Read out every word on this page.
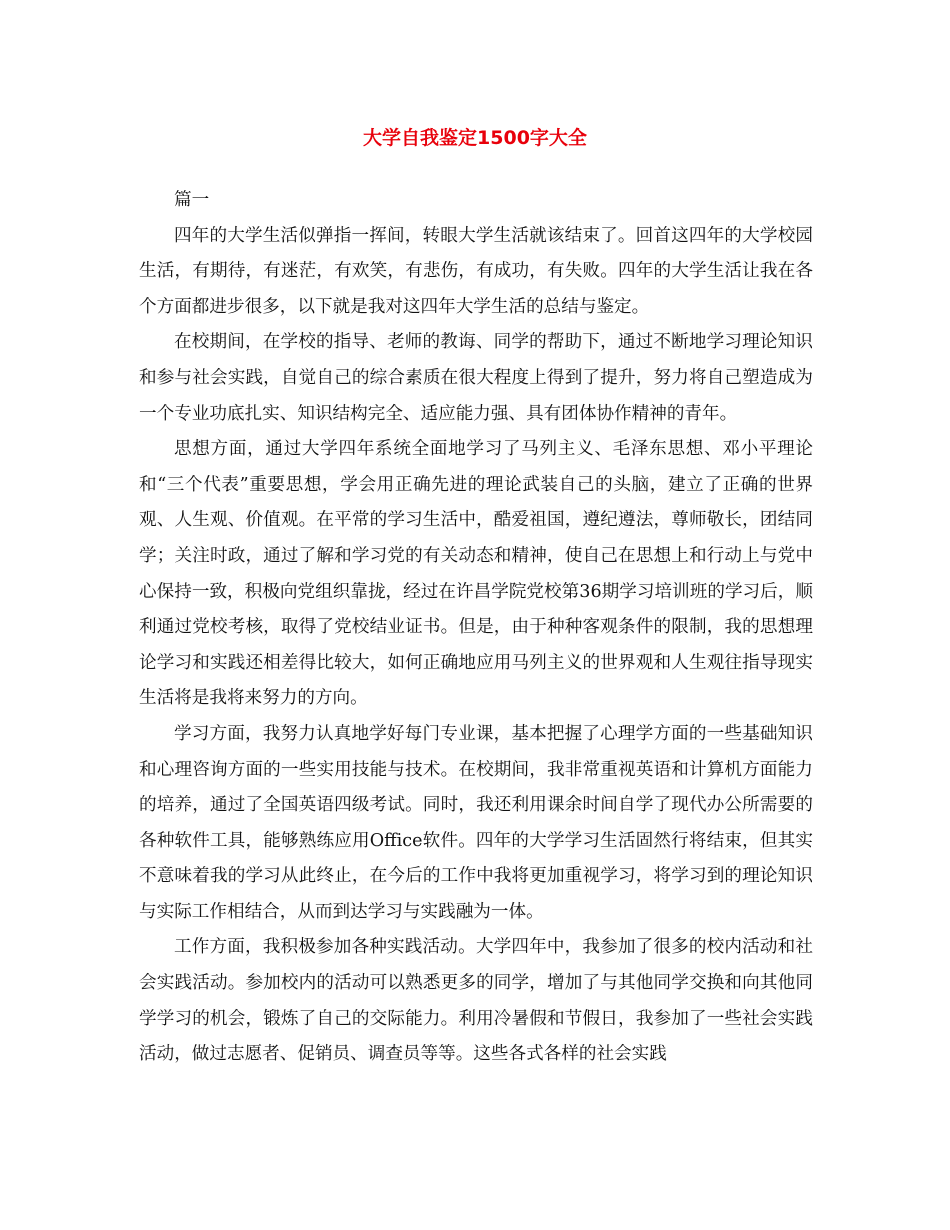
大学自我鉴定1500字大全

篇一

四年的大学生活似弹指一挥间，转眼大学生活就该结束了。回首这四年的大学校园生活，有期待，有迷茫，有欢笑，有悲伤，有成功，有失败。四年的大学生活让我在各个方面都进步很多，以下就是我对这四年大学生活的总结与鉴定。

在校期间，在学校的指导、老师的教诲、同学的帮助下，通过不断地学习理论知识和参与社会实践，自觉自己的综合素质在很大程度上得到了提升，努力将自己塑造成为一个专业功底扎实、知识结构完全、适应能力强、具有团体协作精神的青年。

思想方面，通过大学四年系统全面地学习了马列主义、毛泽东思想、邓小平理论和“三个代表”重要思想，学会用正确先进的理论武装自己的头脑，建立了正确的世界观、人生观、价值观。在平常的学习生活中，酷爱祖国，遵纪遵法，尊师敬长，团结同学；关注时政，通过了解和学习党的有关动态和精神，使自己在思想上和行动上与党中心保持一致，积极向党组织靠拢，经过在许昌学院党校第36期学习培训班的学习后，顺利通过党校考核，取得了党校结业证书。但是，由于种种客观条件的限制，我的思想理论学习和实践还相差得比较大，如何正确地应用马列主义的世界观和人生观往指导现实生活将是我将来努力的方向。

学习方面，我努力认真地学好每门专业课，基本把握了心理学方面的一些基础知识和心理咨询方面的一些实用技能与技术。在校期间，我非常重视英语和计算机方面能力的培养，通过了全国英语四级考试。同时，我还利用课余时间自学了现代办公所需要的各种软件工具，能够熟练应用Office软件。四年的大学学习生活固然行将结束，但其实不意味着我的学习从此终止，在今后的工作中我将更加重视学习，将学习到的理论知识与实际工作相结合，从而到达学习与实践融为一体。

工作方面，我积极参加各种实践活动。大学四年中，我参加了很多的校内活动和社会实践活动。参加校内的活动可以熟悉更多的同学，增加了与其他同学交换和向其他同学学习的机会，锻炼了自己的交际能力。利用冷暑假和节假日，我参加了一些社会实践活动，做过志愿者、促销员、调查员等等。这些各式各样的社会实践
